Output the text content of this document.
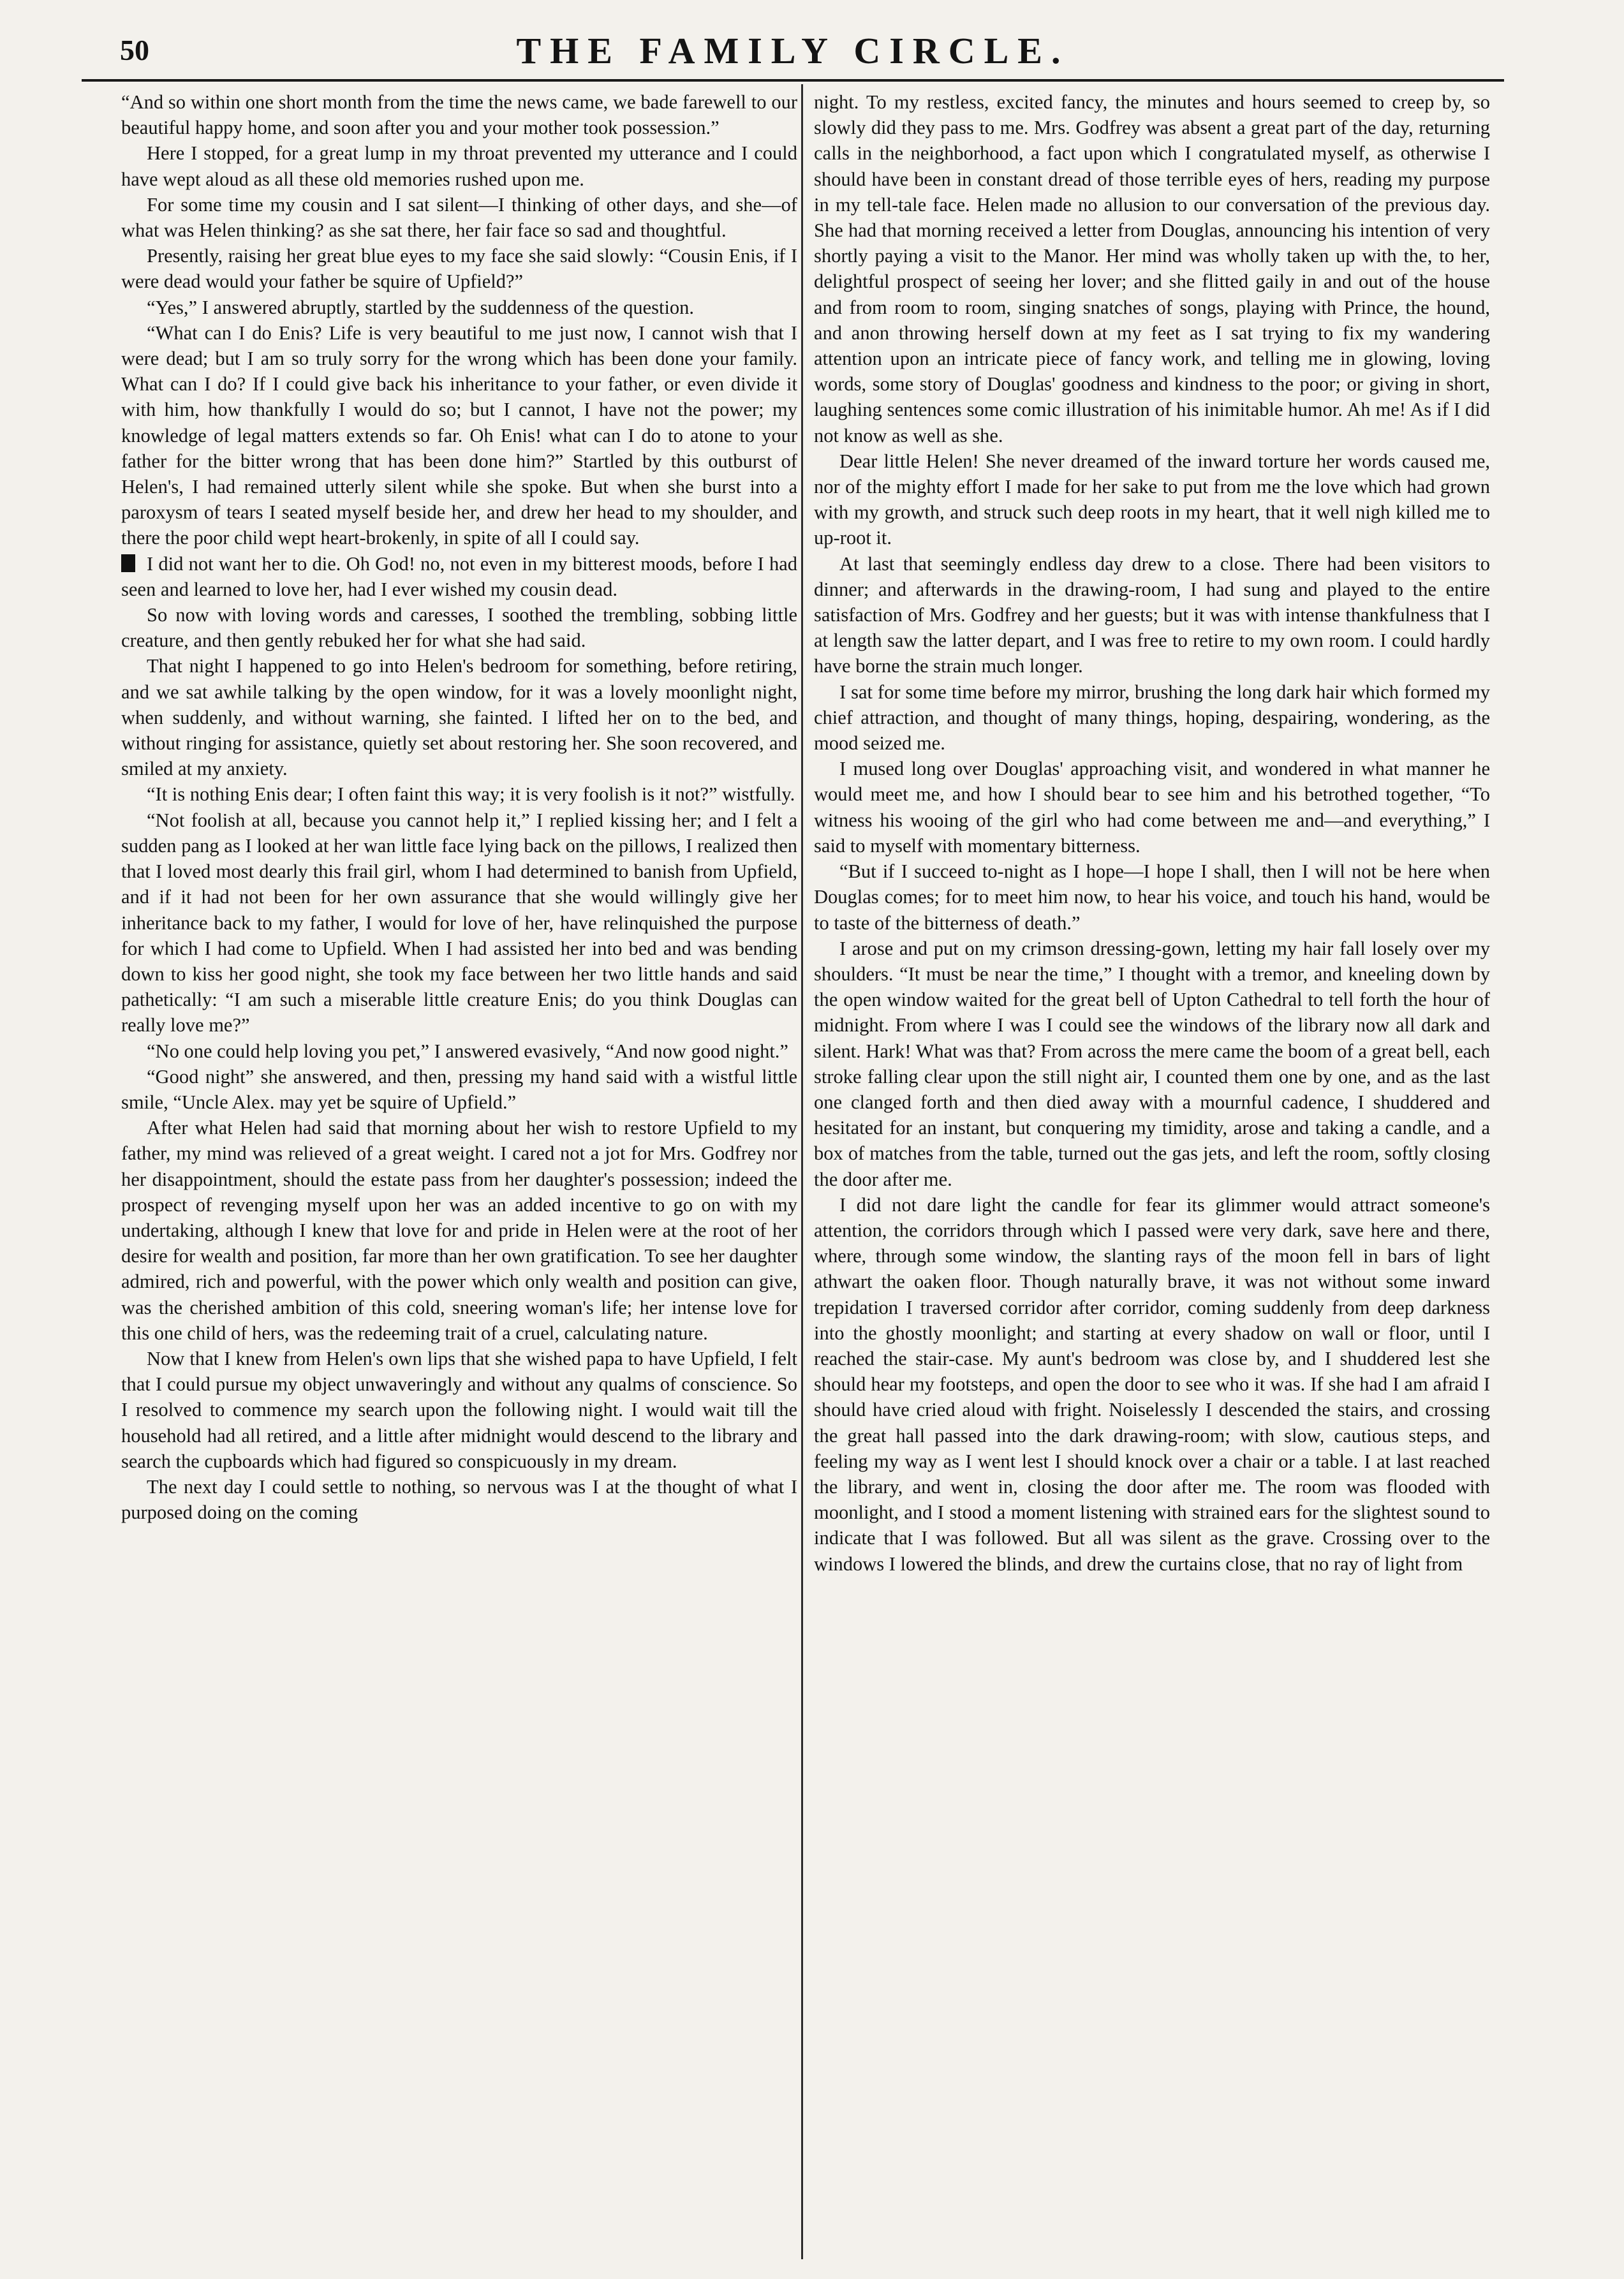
50	THE FAMILY CIRCLE.

“And so within one short month from the time the news came, we bade farewell to our beautiful happy home, and soon after you and your mother took possession.”

Here I stopped, for a great lump in my throat prevented my utterance and I could have wept aloud as all these old memories rushed upon me.

For some time my cousin and I sat silent—I thinking of other days, and she—of what was Helen thinking? as she sat there, her fair face so sad and thoughtful.

Presently, raising her great blue eyes to my face she said slowly: “Cousin Enis, if I were dead would your father be squire of Upfield?”

“Yes,” I answered abruptly, startled by the suddenness of the question.

“What can I do Enis? Life is very beautiful to me just now, I cannot wish that I were dead; but I am so truly sorry for the wrong which has been done your family. What can I do? If I could give back his inheritance to your father, or even divide it with him, how thankfully I would do so; but I cannot, I have not the power; my knowledge of legal matters extends so far. Oh Enis! what can I do to atone to your father for the bitter wrong that has been done him?” Startled by this outburst of Helen's, I had remained utterly silent while she spoke. But when she burst into a paroxysm of tears I seated myself beside her, and drew her head to my shoulder, and there the poor child wept heart-brokenly, in spite of all I could say.

I did not want her to die. Oh God! no, not even in my bitterest moods, before I had seen and learned to love her, had I ever wished my cousin dead.

So now with loving words and caresses, I soothed the trembling, sobbing little creature, and then gently rebuked her for what she had said.

That night I happened to go into Helen's bedroom for something, before retiring, and we sat awhile talking by the open window, for it was a lovely moonlight night, when suddenly, and without warning, she fainted. I lifted her on to the bed, and without ringing for assistance, quietly set about restoring her. She soon recovered, and smiled at my anxiety.

“It is nothing Enis dear; I often faint this way; it is very foolish is it not?” wistfully.

“Not foolish at all, because you cannot help it,” I replied kissing her; and I felt a sudden pang as I looked at her wan little face lying back on the pillows, I realized then that I loved most dearly this frail girl, whom I had determined to banish from Upfield, and if it had not been for her own assurance that she would willingly give her inheritance back to my father, I would for love of her, have relinquished the purpose for which I had come to Upfield. When I had assisted her into bed and was bending down to kiss her good night, she took my face between her two little hands and said pathetically: “I am such a miserable little creature Enis; do you think Douglas can really love me?”

“No one could help loving you pet,” I answered evasively, “And now good night.”

“Good night” she answered, and then, pressing my hand said with a wistful little smile, “Uncle Alex. may yet be squire of Upfield.”

After what Helen had said that morning about her wish to restore Upfield to my father, my mind was relieved of a great weight. I cared not a jot for Mrs. Godfrey nor her disappointment, should the estate pass from her daughter's possession; indeed the prospect of revenging myself upon her was an added incentive to go on with my undertaking, although I knew that love for and pride in Helen were at the root of her desire for wealth and position, far more than her own gratification. To see her daughter admired, rich and powerful, with the power which only wealth and position can give, was the cherished ambition of this cold, sneering woman's life; her intense love for this one child of hers, was the redeeming trait of a cruel, calculating nature.

Now that I knew from Helen's own lips that she wished papa to have Upfield, I felt that I could pursue my object unwaveringly and without any qualms of conscience. So I resolved to commence my search upon the following night. I would wait till the household had all retired, and a little after midnight would descend to the library and search the cupboards which had figured so conspicuously in my dream.

The next day I could settle to nothing, so nervous was I at the thought of what I purposed doing on the coming

night. To my restless, excited fancy, the minutes and hours seemed to creep by, so slowly did they pass to me. Mrs. Godfrey was absent a great part of the day, returning calls in the neighborhood, a fact upon which I congratulated myself, as otherwise I should have been in constant dread of those terrible eyes of hers, reading my purpose in my tell-tale face. Helen made no allusion to our conversation of the previous day. She had that morning received a letter from Douglas, announcing his intention of very shortly paying a visit to the Manor. Her mind was wholly taken up with the, to her, delightful prospect of seeing her lover; and she flitted gaily in and out of the house and from room to room, singing snatches of songs, playing with Prince, the hound, and anon throwing herself down at my feet as I sat trying to fix my wandering attention upon an intricate piece of fancy work, and telling me in glowing, loving words, some story of Douglas' goodness and kindness to the poor; or giving in short, laughing sentences some comic illustration of his inimitable humor. Ah me! As if I did not know as well as she.

Dear little Helen! She never dreamed of the inward torture her words caused me, nor of the mighty effort I made for her sake to put from me the love which had grown with my growth, and struck such deep roots in my heart, that it well nigh killed me to up-root it.

At last that seemingly endless day drew to a close. There had been visitors to dinner; and afterwards in the drawing-room, I had sung and played to the entire satisfaction of Mrs. Godfrey and her guests; but it was with intense thankfulness that I at length saw the latter depart, and I was free to retire to my own room. I could hardly have borne the strain much longer.

I sat for some time before my mirror, brushing the long dark hair which formed my chief attraction, and thought of many things, hoping, despairing, wondering, as the mood seized me.

I mused long over Douglas' approaching visit, and wondered in what manner he would meet me, and how I should bear to see him and his betrothed together, “To witness his wooing of the girl who had come between me and—and everything,” I said to myself with momentary bitterness.

“But if I succeed to-night as I hope—I hope I shall, then I will not be here when Douglas comes; for to meet him now, to hear his voice, and touch his hand, would be to taste of the bitterness of death.”

I arose and put on my crimson dressing-gown, letting my hair fall losely over my shoulders. “It must be near the time,” I thought with a tremor, and kneeling down by the open window waited for the great bell of Upton Cathedral to tell forth the hour of midnight. From where I was I could see the windows of the library now all dark and silent. Hark! What was that? From across the mere came the boom of a great bell, each stroke falling clear upon the still night air, I counted them one by one, and as the last one clanged forth and then died away with a mournful cadence, I shuddered and hesitated for an instant, but conquering my timidity, arose and taking a candle, and a box of matches from the table, turned out the gas jets, and left the room, softly closing the door after me.

I did not dare light the candle for fear its glimmer would attract someone's attention, the corridors through which I passed were very dark, save here and there, where, through some window, the slanting rays of the moon fell in bars of light athwart the oaken floor. Though naturally brave, it was not without some inward trepidation I traversed corridor after corridor, coming suddenly from deep darkness into the ghostly moonlight; and starting at every shadow on wall or floor, until I reached the stair-case. My aunt's bedroom was close by, and I shuddered lest she should hear my footsteps, and open the door to see who it was. If she had I am afraid I should have cried aloud with fright. Noiselessly I descended the stairs, and crossing the great hall passed into the dark drawing-room; with slow, cautious steps, and feeling my way as I went lest I should knock over a chair or a table. I at last reached the library, and went in, closing the door after me. The room was flooded with moonlight, and I stood a moment listening with strained ears for the slightest sound to indicate that I was followed. But all was silent as the grave. Crossing over to the windows I lowered the blinds, and drew the curtains close, that no ray of light from
